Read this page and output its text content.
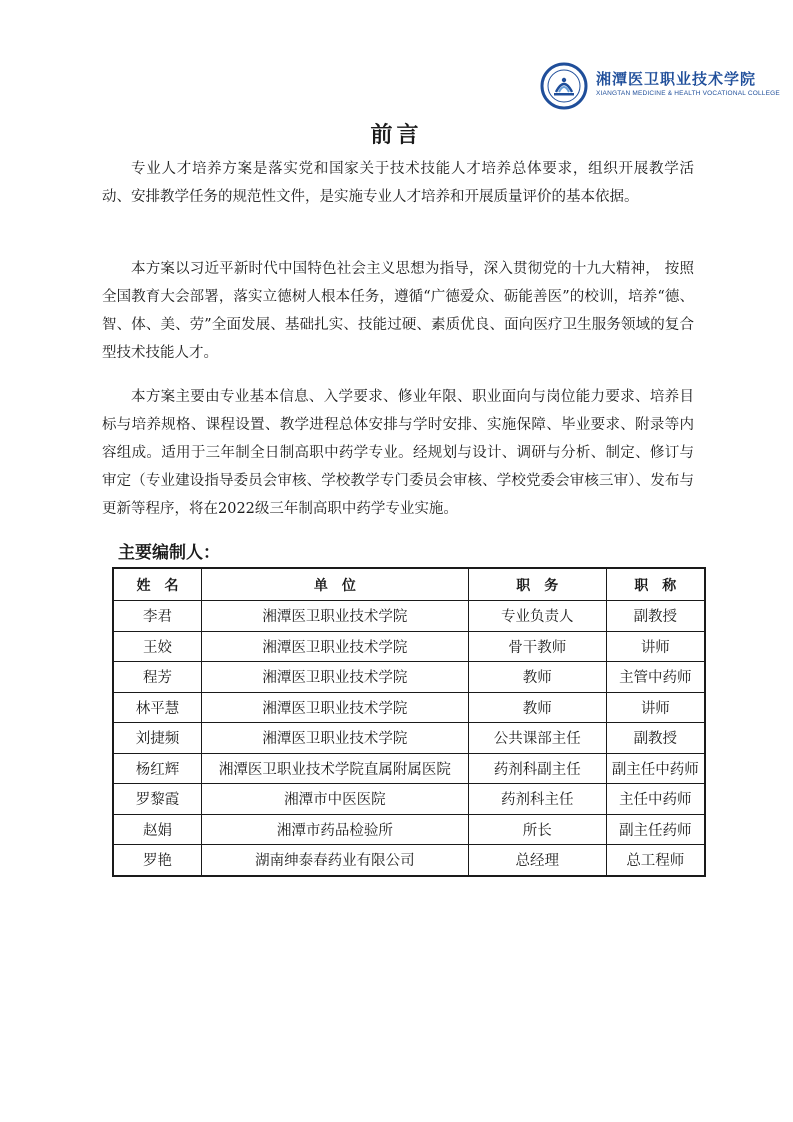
湘潭医卫职业技术学院
XIANGTAN MEDICINE & HEALTH VOCATIONAL COLLEGE
前言

专业人才培养方案是落实党和国家关于技术技能人才培养总体要求，组织开展教学活动、安排教学任务的规范性文件，是实施专业人才培养和开展质量评价的基本依据。

本方案以习近平新时代中国特色社会主义思想为指导，深入贯彻党的十九大精神， 按照全国教育大会部署，落实立德树人根本任务，遵循“广德爱众、砺能善医”的校训，培养“德、智、体、美、劳”全面发展、基础扎实、技能过硬、素质优良、面向医疗卫生服务领域的复合型技术技能人才。

本方案主要由专业基本信息、入学要求、修业年限、职业面向与岗位能力要求、培养目标与培养规格、课程设置、教学进程总体安排与学时安排、实施保障、毕业要求、附录等内容组成。适用于三年制全日制高职中药学专业。经规划与设计、调研与分析、制定、修订与审定（专业建设指导委员会审核、学校教学专门委员会审核、学校党委会审核三审）、发布与更新等程序，将在2022级三年制高职中药学专业实施。

主要编制人：
姓名	单位	职务	职称
李君	湘潭医卫职业技术学院	专业负责人	副教授
王姣	湘潭医卫职业技术学院	骨干教师	讲师
程芳	湘潭医卫职业技术学院	教师	主管中药师
林平慧	湘潭医卫职业技术学院	教师	讲师
刘捷频	湘潭医卫职业技术学院	公共课部主任	副教授
杨红辉	湘潭医卫职业技术学院直属附属医院	药剂科副主任	副主任中药师
罗黎霞	湘潭市中医医院	药剂科主任	主任中药师
赵娟	湘潭市药品检验所	所长	副主任药师
罗艳	湖南绅泰春药业有限公司	总经理	总工程师
